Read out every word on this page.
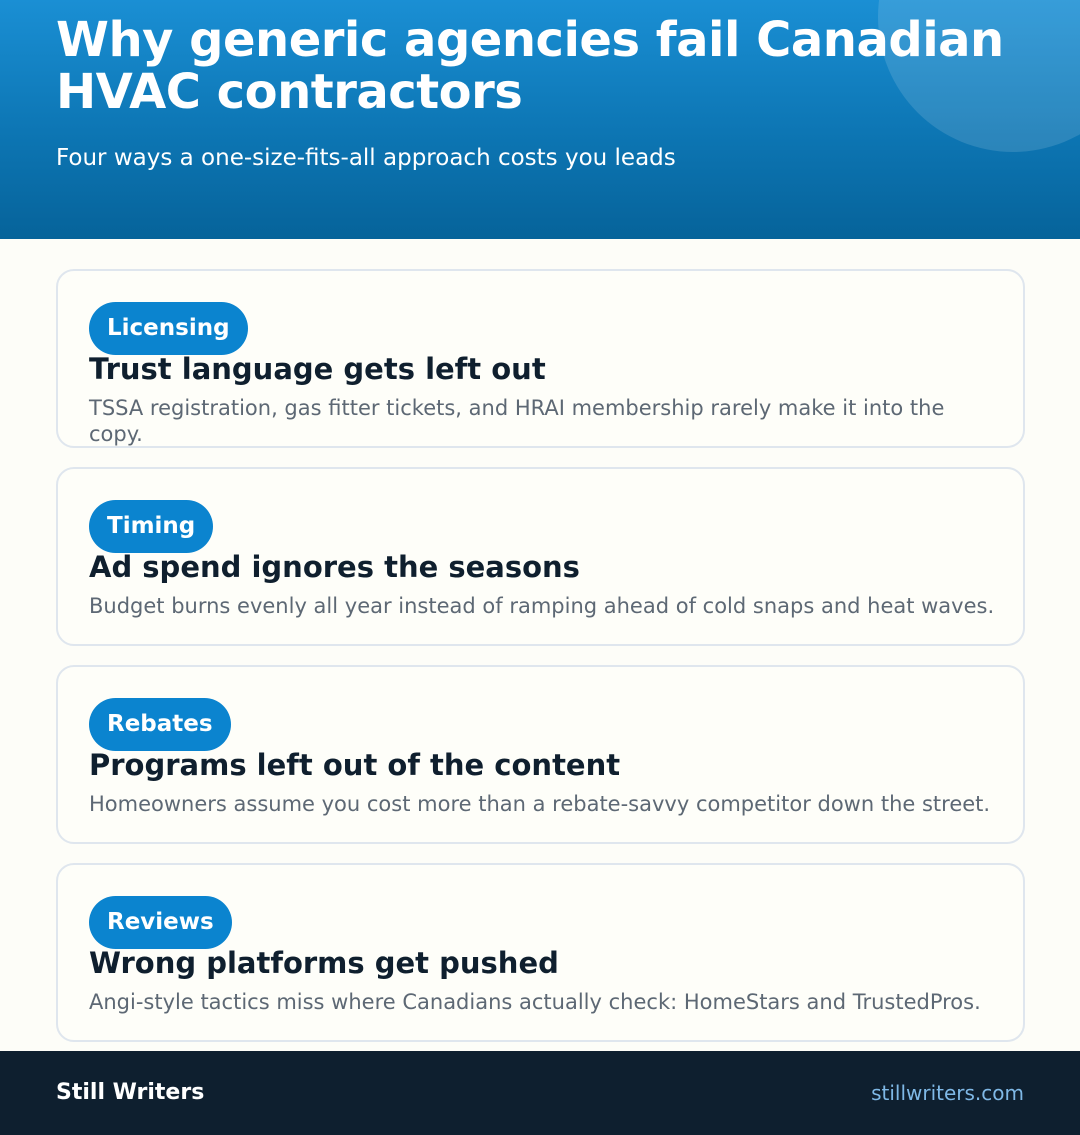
Why generic agencies fail Canadian HVAC contractors

Four ways a one-size-fits-all approach costs you leads

Licensing
Trust language gets left out

TSSA registration, gas fitter tickets, and HRAI membership rarely make it into the copy.

Timing
Ad spend ignores the seasons

Budget burns evenly all year instead of ramping ahead of cold snaps and heat waves.

Rebates
Programs left out of the content

Homeowners assume you cost more than a rebate-savvy competitor down the street.

Reviews
Wrong platforms get pushed

Angi-style tactics miss where Canadians actually check: HomeStars and TrustedPros.

Still Writers	stillwriters.com
